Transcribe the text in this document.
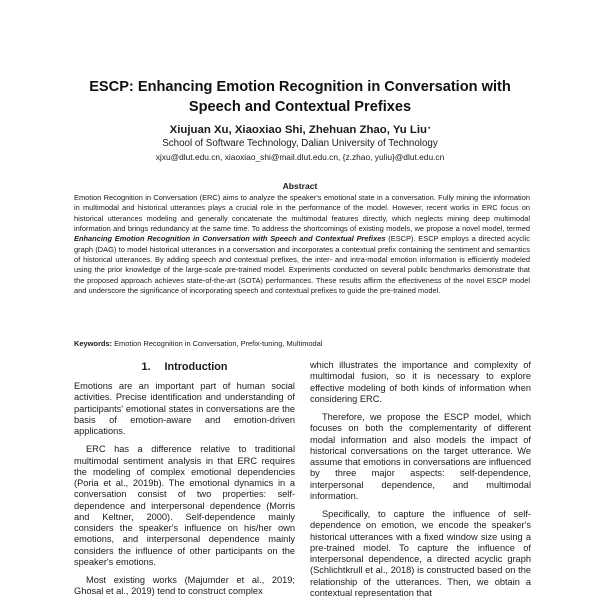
ESCP: Enhancing Emotion Recognition in Conversation with
Speech and Contextual Prefixes
Xiujuan Xu, Xiaoxiao Shi, Zhehuan Zhao, Yu Liu*
School of Software Technology, Dalian University of Technology
xjxu@dlut.edu.cn, xiaoxiao_shi@mail.dlut.edu.cn, {z.zhao, yuliu}@dlut.edu.cn
Abstract
Emotion Recognition in Conversation (ERC) aims to analyze the speaker's emotional state in a conversation. Fully mining the information in multimodal and historical utterances plays a crucial role in the performance of the model. However, recent works in ERC focus on historical utterances modeling and generally concatenate the multimodal features directly, which neglects mining deep multimodal information and brings redundancy at the same time. To address the shortcomings of existing models, we propose a novel model, termed Enhancing Emotion Recognition in Conversation with Speech and Contextual Prefixes (ESCP). ESCP employs a directed acyclic graph (DAG) to model historical utterances in a conversation and incorporates a contextual prefix containing the sentiment and semantics of historical utterances. By adding speech and contextual prefixes, the inter- and intra-modal emotion information is efficiently modeled using the prior knowledge of the large-scale pre-trained model. Experiments conducted on several public benchmarks demonstrate that the proposed approach achieves state-of-the-art (SOTA) performances. These results affirm the effectiveness of the novel ESCP model and underscore the significance of incorporating speech and contextual prefixes to guide the pre-trained model.
Keywords: Emotion Recognition in Conversation, Prefix-tuning, Multimodal
1. Introduction

Emotions are an important part of human social activities. Precise identification and understanding of participants' emotional states in conversations are the basis of emotion-aware and emotion-driven applications.

ERC has a difference relative to traditional multimodal sentiment analysis in that ERC requires the modeling of complex emotional dependencies (Poria et al., 2019b). The emotional dynamics in a conversation consist of two properties: self-dependence and interpersonal dependence (Morris and Keltner, 2000). Self-dependence mainly considers the speaker's influence on his/her own emotions, and interpersonal dependence mainly considers the influence of other participants on the speaker's emotions.

Most existing works (Majumder et al., 2019; Ghosal et al., 2019) tend to construct complex

which illustrates the importance and complexity of multimodal fusion, so it is necessary to explore effective modeling of both kinds of information when considering ERC.

Therefore, we propose the ESCP model, which focuses on both the complementarity of different modal information and also models the impact of historical conversations on the target utterance. We assume that emotions in conversations are influenced by three major aspects: self-dependence, interpersonal dependence, and multimodal information.

Specifically, to capture the influence of self-dependence on emotion, we encode the speaker's historical utterances with a fixed window size using a pre-trained model. To capture the influence of interpersonal dependence, a directed acyclic graph (Schlichtkrull et al., 2018) is constructed based on the relationship of the utterances. Then, we obtain a contextual representation that
